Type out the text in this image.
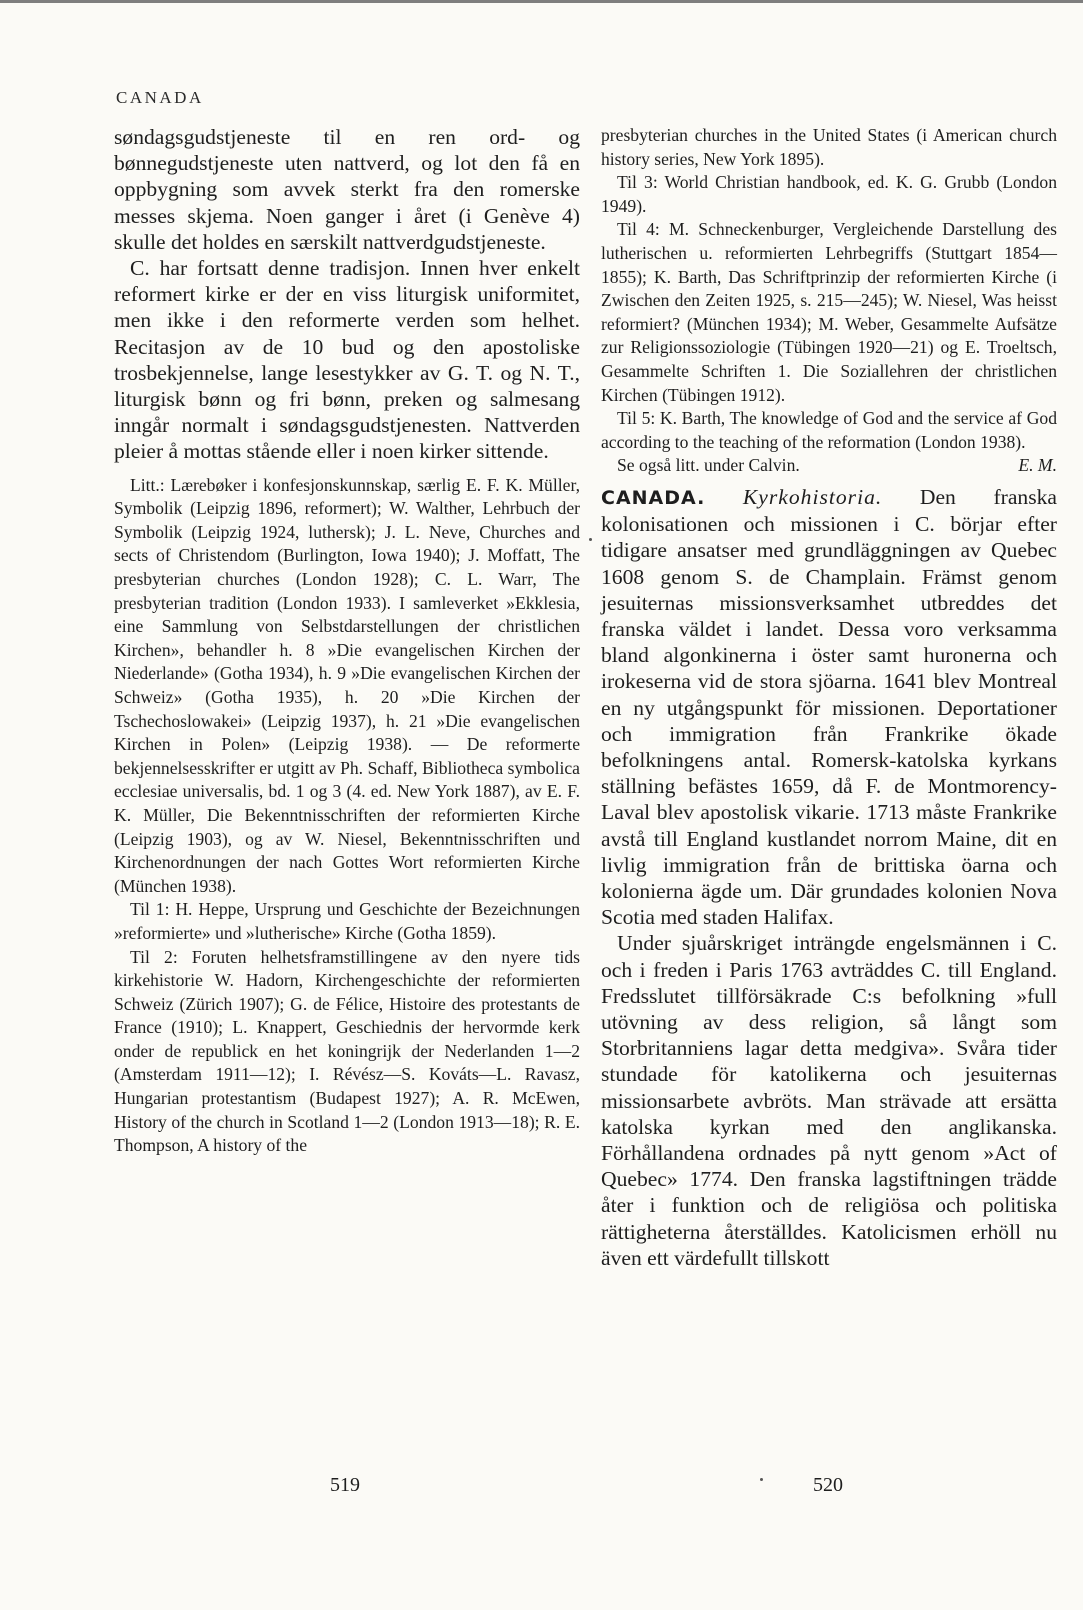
CANADA

søndagsgudstjeneste til en ren ord- og bønnegudstjeneste uten nattverd, og lot den få en oppbygning som avvek sterkt fra den romerske messes skjema. Noen ganger i året (i Genève 4) skulle det holdes en særskilt nattverdgudstjeneste.

C. har fortsatt denne tradisjon. Innen hver enkelt reformert kirke er der en viss liturgisk uniformitet, men ikke i den reformerte verden som helhet. Recitasjon av de 10 bud og den apostoliske trosbekjennelse, lange lesestykker av G. T. og N. T., liturgisk bønn og fri bønn, preken og salmesang inngår normalt i søndagsgudstjenesten. Nattverden pleier å mottas stående eller i noen kirker sittende.

Litt.: Lærebøker i konfesjonskunnskap, særlig E. F. K. Müller, Symbolik (Leipzig 1896, reformert); W. Walther, Lehrbuch der Symbolik (Leipzig 1924, luthersk); J. L. Neve, Churches and sects of Christendom (Burlington, Iowa 1940); J. Moffatt, The presbyterian churches (London 1928); C. L. Warr, The presbyterian tradition (London 1933). I samleverket »Ekklesia, eine Sammlung von Selbstdarstellungen der christlichen Kirchen», behandler h. 8 »Die evangelischen Kirchen der Niederlande» (Gotha 1934), h. 9 »Die evangelischen Kirchen der Schweiz» (Gotha 1935), h. 20 »Die Kirchen der Tschechoslowakei» (Leipzig 1937), h. 21 »Die evangelischen Kirchen in Polen» (Leipzig 1938). — De reformerte bekjennelsesskrifter er utgitt av Ph. Schaff, Bibliotheca symbolica ecclesiae universalis, bd. 1 og 3 (4. ed. New York 1887), av E. F. K. Müller, Die Bekenntnisschriften der reformierten Kirche (Leipzig 1903), og av W. Niesel, Bekenntnisschriften und Kirchenordnungen der nach Gottes Wort reformierten Kirche (München 1938).

Til 1: H. Heppe, Ursprung und Geschichte der Bezeichnungen »reformierte» und »lutherische» Kirche (Gotha 1859).

Til 2: Foruten helhetsframstillingene av den nyere tids kirkehistorie W. Hadorn, Kirchengeschichte der reformierten Schweiz (Zürich 1907); G. de Félice, Histoire des protestants de France (1910); L. Knappert, Geschiednis der hervormde kerk onder de republick en het koningrijk der Nederlanden 1—2 (Amsterdam 1911—12); I. Révész—S. Kováts—L. Ravasz, Hungarian protestantism (Budapest 1927); A. R. McEwen, History of the church in Scotland 1—2 (London 1913—18); R. E. Thompson, A history of the

presbyterian churches in the United States (i American church history series, New York 1895).

Til 3: World Christian handbook, ed. K. G. Grubb (London 1949).

Til 4: M. Schneckenburger, Vergleichende Darstellung des lutherischen u. reformierten Lehrbegriffs (Stuttgart 1854—1855); K. Barth, Das Schriftprinzip der reformierten Kirche (i Zwischen den Zeiten 1925, s. 215—245); W. Niesel, Was heisst reformiert? (München 1934); M. Weber, Gesammelte Aufsätze zur Religionssoziologie (Tübingen 1920—21) og E. Troeltsch, Gesammelte Schriften 1. Die Soziallehren der christlichen Kirchen (Tübingen 1912).

Til 5: K. Barth, The knowledge of God and the service af God according to the teaching of the reformation (London 1938).

Se også litt. under Calvin.	E. M.

CANADA. Kyrkohistoria. Den franska kolonisationen och missionen i C. börjar efter tidigare ansatser med grundläggningen av Quebec 1608 genom S. de Champlain. Främst genom jesuiternas missionsverksamhet utbreddes det franska väldet i landet. Dessa voro verksamma bland algonkinerna i öster samt huronerna och irokeserna vid de stora sjöarna. 1641 blev Montreal en ny utgångspunkt för missionen. Deportationer och immigration från Frankrike ökade befolkningens antal. Romersk-katolska kyrkans ställning befästes 1659, då F. de Montmorency-Laval blev apostolisk vikarie. 1713 måste Frankrike avstå till England kustlandet norrom Maine, dit en livlig immigration från de brittiska öarna och kolonierna ägde um. Där grundades kolonien Nova Scotia med staden Halifax.

Under sjuårskriget inträngde engelsmännen i C. och i freden i Paris 1763 avträddes C. till England. Fredsslutet tillförsäkrade C:s befolkning »full utövning av dess religion, så långt som Storbritanniens lagar detta medgiva». Svåra tider stundade för katolikerna och jesuiternas missionsarbete avbröts. Man strävade att ersätta katolska kyrkan med den anglikanska. Förhållandena ordnades på nytt genom »Act of Quebec» 1774. Den franska lagstiftningen trädde åter i funktion och de religiösa och politiska rättigheterna återställdes. Katolicismen erhöll nu även ett värdefullt tillskott

519	520
